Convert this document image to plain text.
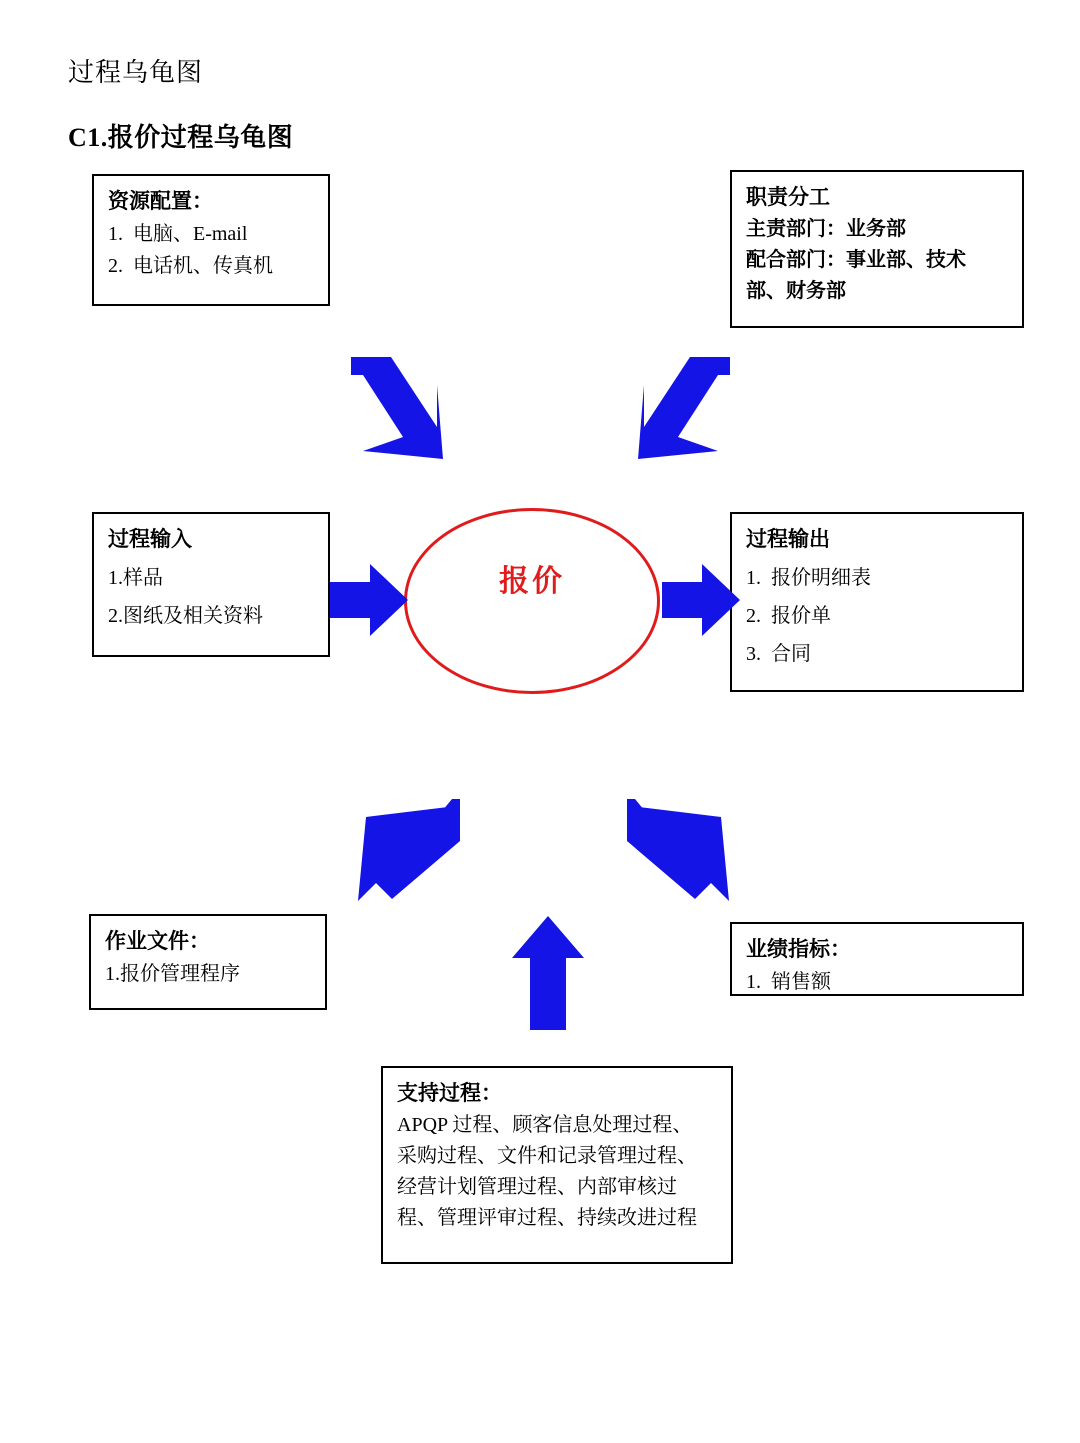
过程乌龟图
C1.报价过程乌龟图
资源配置：
1.  电脑、E-mail
2.  电话机、传真机
职责分工
主责部门：业务部
配合部门：事业部、技术
部、财务部
过程输入
1.样品
2.图纸及相关资料
过程输出
1.  报价明细表
2.  报价单
3.  合同
作业文件：
1.报价管理程序
业绩指标：
1.  销售额
支持过程：
APQP 过程、顾客信息处理过程、
采购过程、文件和记录管理过程、
经营计划管理过程、内部审核过
程、管理评审过程、持续改进过程
报价
